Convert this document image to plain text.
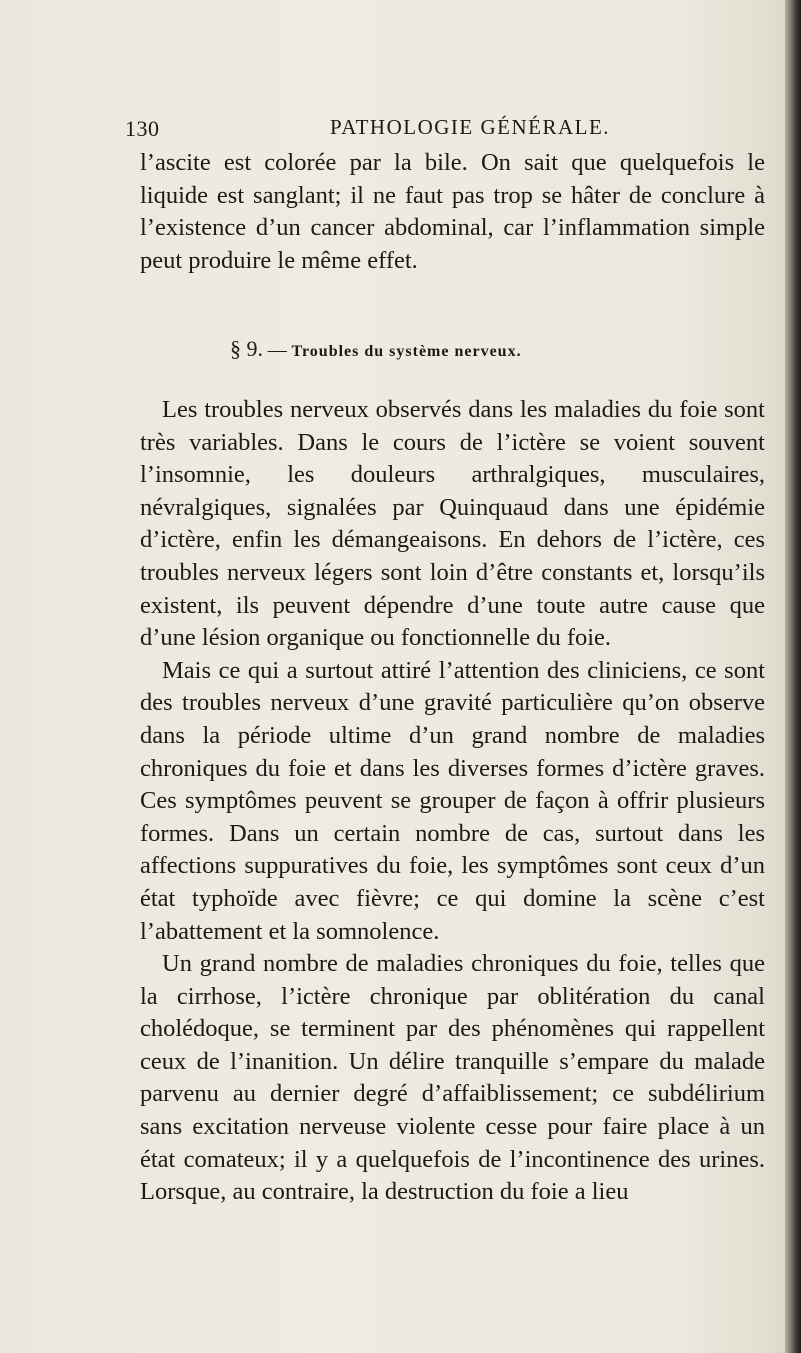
130	PATHOLOGIE GÉNÉRALE.

l’ascite est colorée par la bile. On sait que quelquefois le liquide est sanglant; il ne faut pas trop se hâter de conclure à l’existence d’un cancer abdominal, car l’inflammation simple peut produire le même effet.

§ 9. — Troubles du système nerveux.

Les troubles nerveux observés dans les maladies du foie sont très variables. Dans le cours de l’ictère se voient souvent l’insomnie, les douleurs arthralgiques, musculaires, névralgiques, signalées par Quinquaud dans une épidémie d’ictère, enfin les démangeaisons. En dehors de l’ictère, ces troubles nerveux légers sont loin d’être constants et, lorsqu’ils existent, ils peuvent dépendre d’une toute autre cause que d’une lésion organique ou fonctionnelle du foie.

Mais ce qui a surtout attiré l’attention des cliniciens, ce sont des troubles nerveux d’une gravité particulière qu’on observe dans la période ultime d’un grand nombre de maladies chroniques du foie et dans les diverses formes d’ictère graves. Ces symptômes peuvent se grouper de façon à offrir plusieurs formes. Dans un certain nombre de cas, surtout dans les affections suppuratives du foie, les symptômes sont ceux d’un état typhoïde avec fièvre; ce qui domine la scène c’est l’abattement et la somnolence.

Un grand nombre de maladies chroniques du foie, telles que la cirrhose, l’ictère chronique par oblitération du canal cholédoque, se terminent par des phénomènes qui rappellent ceux de l’inanition. Un délire tranquille s’empare du malade parvenu au dernier degré d’affaiblissement; ce subdélirium sans excitation nerveuse violente cesse pour faire place à un état comateux; il y a quelquefois de l’incontinence des urines. Lorsque, au contraire, la destruction du foie a lieu
